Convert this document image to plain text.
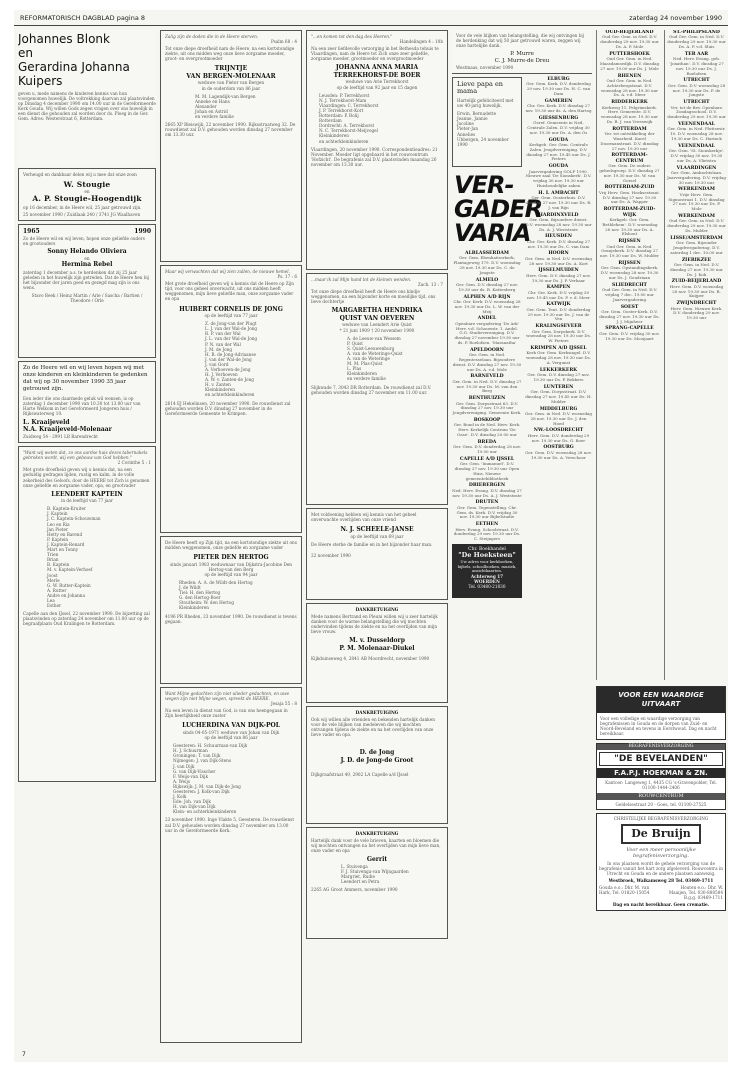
REFORMATORISCH DAGBLAD pagina 8	zaterdag 24 november 1990
Johannes Blonk
en
Gerardina Johanna Kuipers
geven u, mede namens de kinderen kennis van hun voorgenomen huwelijk. De voltrekking daarvan zal plaatsvinden op Dinsdag 4 december 1990 om 14.00 uur in de Gereformeerde Kerk Gouda. Wij willen Gods zegen vragen over ons huwelijk in een dienst die gehouden zal worden door ds. Ploeg in de Ger. Gem. Adres: Westerstraat 6, Rotterdam.
Verheugd en dankbaar delen wij u mee dat onze zoon
W. Stougie
en
A. P. Stougie-Hoogendijk
op 16 december, in de Heere wil, 25 jaar getrouwd zijn.
25 november 1990 / Zuidlaak 240 / 3741 JG Waalhaven
1965	1990
Zo de Heere wil en wij leven, hopen onze geliefde ouders en grootouders
Sonny Helando Oliviera
en
Hermina Rebel
zaterdag 1 december a.s. te herdenken dat zij 25 jaar geleden in het huwelijk zijn getreden. Dat de Heere hen bij het bijzonder der jaren goed en gezegd mag zijn is ons wens.
Stavo Beek / Heinz Martin / Arie / Sascha / Bartien / Theodore / Orle
Zo de Heere wil en wij leven hopen wij met onze kinderen en kleinkinderen te gedenken dat wij op 30 november 1990 35 jaar getrouwd zijn.
Een ieder die ons daarmede geluk wil wensen, is op zaterdag 1 december 1990 van 10.30 tot 13.00 uur van Harte Welkom in het Gereformeerd Jongeren huis / Rijkswaterweg 10.
L. Kraaijeveld
N.A. Kraaijeveld-Molenaar
Zuidweg 54 - 2991 LB Barendrecht
"Want wij weten dat, zo ons aardse huis dezes tabernakels gebroken wordt, wij een gebouw van God hebben."
2 Corinthe 5 : 1
Met grote droefheid geven wij u kennis dat, na een geduldig gedragen lijden, rustig en kalm, in de volle zekerheid des Geloofs, door de HEERE tot Zich is genomen onze geliefde en zorgzame vader, opa, en grootvader
LEENDERT KAPTEIN
in de leeftijd van 77 jaar
B. Kaptein-Kruiter
J. Kaptein
J. C. Kaptein-Schouwman
Leo en Ria
Jan Pieter
Hetty en Barend
P. Kaptein
J. Kaptein-Renard
Mart en Tonny
Trien
Brian
B. Kaptein
M. v. Kaptein-Verhoef
Joost
Merle
G. W. Rutter-Kaptein
A. Rutter
Andre en Johanna
Lea
Esther
Capelle aan den IJssel, 22 november 1990. De bijzetting zal plaatsvinden op zaterdag 24 november om 11.00 uur op de begraafplaats Oud Kralingen te Rotterdam.
Zalig zijn de doden die in de Heere sterven.
Psalm 68 : 4
Tot onze diepe droefheid nam de Heere, na een kortstondige ziekte, uit ons midden weg onze lieve zorgzame moeder, groot- en overgrootmoeder
TRIJNTJE
VAN BERGEN-MOLENAAR
weduwe van Pieter van Bergen
in de ouderdom van 86 jaar
M. M. Lagendijk-van Bergen
Anneke en Hans
Alexander
Johan en Astrid
en verdere familie
2665 XP Bleiswijk, 22 november 1990. Rijksstraatweg 32. De rouwdienst zal D.V. gehouden worden dinsdag 27 november om 13.30 uur.
Maar wij verwachten dat wij zien zullen, de nieuwe hemel.
Ps. 17 : 6
Met grote droefheid geven wij u kennis dat de Heere op Zijn tijd, voor ons geheel onverwacht, uit ons midden heeft weggenomen, mijn lieve geliefde man, onze zorgzame vader en opa
HUIBERT CORNELIS DE JONG
op de leeftijd van 77 jaar
Z. de Jong-van der Plugt
L. J. van der Wal-de Jong
B. P. van der Wal
J. L. van der Wal-de Jong
P. N. van der Wal
J. M. de Jong
H. R. de Jong-Adriaanse
J. van der Wal-de Jong
J. van Oord
A. Verhoeven-de Jong
H. J. Verhoeven
A. W. v. Zanten-de Jong
H. v. Zanten
Kleinkinderen
en achterkleinkinderen
2614 EJ Hekelinsen, 20 november 1990. De rouwdienst zal gehouden worden D.V. dinsdag 27 november in de Gereformeerde Gemeente te Krimpen.
De Heere heeft op Zijn tijd, na een kortstondige ziekte uit ons midden weggenomen, onze geliefde en zorgzame vader
PIETER DEN HERTOG
sinds januari 1983 weduwnaar van Dijkstra-Jacobine Den Hertog-van den Berg
op de leeftijd van 94 jaar
Rheden: A. A. de Wildt-den Hertog
J. de Wildt
Tiel: H. den Hertog
G. den Hertog-Boer
Stoutheim: W. den Hertog
Kleinkinderen
4196 PR Rheden, 23 november 1990. De rouwdienst is tevens gegaan.
Want Mijne gedachten zijn niet ulieder gedachten, en uwe wegen zijn niet Mijne wegen, spreekt de HEERE.
Jesaja 55 : 8
Na een leven in dienst van God, is van ons heengegaan in Zijn heerlijkheid onze zuster
LUCHERDINA VAN DIJK-POL
sinds 04-05-1971 weduwe van Johan van Dijk
op de leeftijd van 86 jaar
Geesteren: H. Schuurman-van Dijk
H. J. Schuurman
Groningen: T. van Dijk
Nijmegen: J. van Dijk-Stens
J. van Dijk
G. van Dijk-Visscher
F. Weijs-van Dijk
A. Weijs
Rijkswijk: J. M. van Dijk-de Jong
Geesteren: J. Kolk-van Dijk
J. Kolk
Ede: Joh. van Dijk
H. van Dijk-van Dijk
Klein- en achterkleinkinderen
23 november 1990. Inge Vlakte 5, Geesteren. De rouwdienst zal D.V. gehouden worden dinsdag 27 november om 13.00 uur in de Gereformeerde Kerk.
"...en komen tot den dag des Heeren."
Handelingen 4 : 10b
Na een zeer liefdevolle verzorging in het Bethesda tehuis te Vlaardingen, nam de Heere tot Zich onze zeer geliefde, zorgzame moeder, grootmoeder en overgrootmoeder
JOHANNA ANNA MARIA
TERREKHORST-DE BOER
weduwe van Arie Terrekhorst
op de leeftijd van 92 jaar en 15 dagen
Leusden: P. Terrekhorst
N. J. Terrekhorst-Mam
Vlaardingen: C. Terrekhorst
J. P. Terrekhorst-Kort
Rotterdam: P. Bolij
Rotterdam
Dordrecht: A. Terrekhorst
N. C. Terrekhorst-Meijvogel
Kleinkinderen
en achterkleinkinderen
Vlaardingen, 20 november 1990. Correspondentieadres: 21 November. Moeder ligt opgebaard in het rouwcentrum 'Hofzicht'. De begrafenis zal D.V. plaatsvinden maandag 26 november om 13.30 uur.
...maar ik zal Mijn hand tot de kleinen wenden.
Zach. 13 : 7
Tot onze diepe droefheid heeft de Heere ons kindje weggenomen, na een bijzonder korte en moeilijke tijd, ons lieve dochtertje
MARGARETHA HENDRIKA
QUIST VAN OEVEREN
weduwe van Leendert Arie Quist
* 21 juni 1909 † 20 november 1990
A. de Leeuw-van Wessem
P. Quist
S. Quist-Leeuwenburg
A. van de Weteringe-Quist
A. van de Weteringe
M. M. Plas-Quist
L. Plas
Kleinkinderen
en verdere familie
Slijkwade 7, 3043 DR Rotterdam. De rouwdienst zal D.V. gehouden worden dinsdag 27 november om 11.00 uur.
Met voldoening hebben wij kennis van het geheel onverwachte overlijden van onze vriend
N. J. SCHEELE-JANSE
op de leeftijd van 69 jaar
De Heere sterke de familie en in het bijzonder haar man.
22 november 1990
DANKBETUIGING
Mede namens Bertrand en Pleuni willen wij u zeer hartelijk danken voor de warme belangstelling die wij mochten ondervinden tijdens de ziekte en na het overlijden van mijn lieve vrouw.
M. v. Dusseldorp
P. M. Molenaar-Diukel
Kijkduinseweg 4, 2841 AB Moordrecht, november 1990
DANKBETUIGING
Ook wij willen alle vrienden en bekenden hartelijk danken voor de vele blijken van medeleven die wij mochten ontvangen tijdens de ziekte en na het overlijden van onze lieve vader en opa.
D. de Jong
J. D. de Jong-de Groot
Dijkgraafstraat 49, 2902 LA Capelle a/d IJssel
DANKBETUIGING
Hartelijk dank voor de vele brieven, kaarten en bloemen die wij mochten ontvangen na het overlijden van mijn lieve man, onze vader en opa
Gerrit
L. Stuivenga
F. J. Stuivenga-van Wijngaarden
Margriet, Rudie
Leendert en Petra
2265 AG Groot Ammers, november 1990
Voor de vele blijken van belangstelling, die wij ontvingen bij de herdenking dat wij 50 jaar getrouwd waren, zeggen wij onze hartelijke dank.
P. Murre
C. J. Murre-de Dreu
Westmaas, november 1990
Lieve papa en mama
Hartelijk gefeliciteerd met uw 40-jarig huwelijk.
Erwin, Bernadette
Jeanne, Jannie
Jacoline
Pieter-Jan
Annelies
Ubbergen, 24 november 1990
VER-
GADER
VARIA
ALBLASSERDAM
Ger. Gem. Ebenhaëzerkerk, Plantageweg 179. D.V. woensdag 28 nov. 19.30 uur Ds. C. de Jongste
ALMELO
Ger. Gem. D.V. dinsdag 27 nov. 19.30 uur ds. R. Kattenberg
ALPHEN A/D RIJN
Chr. Ger. Kerk. D.V. woensdag 28 nov. 19.30 uur Ds. L. W. van der Meij
ANDEL
Openbare vergadering 'De Ark' Herv. v.d. Schouwstr. 1. Andel. G.G. Studievereniging. D.V. dinsdag 27 november 19.30 uur ds. P. Roelofsen. 'Maranatha'
APELDOORN
Ger. Gem. in Ned. Regentesselaan. Bijzondere dienst. D.V. dinsdag 27 nov. 19.30 uur Ds. A. v.d. Mole
BARNEVELD
Ger. Gem. in Ned. D.V. dinsdag 27 nov. 19.30 uur Ds. M. van den Berg
BENTHUIZEN
Ger. Gem. Dorpsstraat 63. D.V. dinsdag 27 nov. 19.30 uur Jeugdvereniging. Gemeente Kerk.
BOSKOOP
Ger. Bond in de Ned. Herv. Kerk. Herv. Kerkelijk Centrum 'De Oase'. D.V. dinsdag 20.00 uur
BREDA
Ger. Gem. D.V. donderdag 28 nov. 19.00 uur
CAPELLE A/D IJSSEL
Ger. Gem. 'Immanuel'. D.V. dinsdag 27 nov. 19.30 uur Open Huis. Nieuwe gemeentebibliotheek
DRIEBERGEN
Ned. Herv. Evang. D.V. dinsdag 27 nov. 19.30 uur Ds. A. J. Weststrate
DRUTEN
Ger. Gem. Tegenstelling. Chr. Gem. ds. Kerk. D.V. vrijdag 30 nov. 19.30 uur Bijbelstudie
EETHEN
Herv. Evang. Schoolstraat. D.V. donderdag 29 nov. 19.30 uur Ds. C. Steijngers
Chr. Boekhandel
"De Hoeksteen"
Uw adres voor kerkboeken, bijbels, schoolboeken, muziek, ansichtkaarten.
Achterweg 17
WOERDEN
Tel. 03480-21830
ELBURG
Ger. Gem. Kerk. D.V. donderdag 29 nov. 19.30 uur Ds. H. C. van Dam
GAMEREN
Chr. Ger. Kerk. D.V. dinsdag 27 nov. 19.30 uur ds. A. den Hartog
GIESSENBURG
Geref. Gemeente in Ned. Centrale Zalen. D.V. vrijdag 30 nov. 19.30 uur Ds. A. den Os
GOUDA
Kerkgeb. Ger. Gem. Centrale Zalen. Jeugdvereniging. D.V. dinsdag 27 nov. 19.45 uur Ds. J. Pieters
GOUDA
Jaarvergadering GOLF 1990. Nieuwe zaal 'De Sionskerk'. D.V. vrijdag 30 nov. 19.30 uur Huishoudelijke zaken
H. I. AMBACHT
Ger. Gem. Oosterhuis. D.V. dinsdag 27 nov. 19.30 uur Ds. R. J. van Rijn
HARDINXVELD
Ger. Gem. Bijzondere dienst. D.V. woensdag 28 nov. 19.30 uur Ds. A. J. Weststrate
HEUSDEN
Chr. Ger. Kerk. D.V. dinsdag 27 nov. 19.30 uur Ds. C. van Dam
HOORN
Ger. Gem. in Ned. D.V. woensdag 28 nov. 19.30 uur Ds. A. Kort
IJSSELMUIDEN
Herv. Gem. D.V. dinsdag 27 nov. 19.30 uur Ds. J. P. Verhaar
KAMPEN
Chr. Ger. Kerk. D.V. vrijdag 30 nov. 19.45 uur Ds. P. v. d. Meer
KATWIJK
Ger. Gem. Tent. D.V. donderdag 29 nov. 19.30 uur Ds. J. van de Ven
KRALINGSEVEER
Ger. Gem. Dorpskerk. D.V. woensdag 28 nov. 19.30 uur Ds. W. Pieters
KRIMPEN A/D IJSSEL
Kerk Ger. Gem. Kerksingel. D.V. woensdag 28 nov. 19.30 uur Ds. A. Vergunst
LEKKERKERK
Ger. Gem. D.V. dinsdag 27 nov. 19.30 uur Ds. P. Bekkers
LUNTEREN
Ger. Gem. Dorpsstraat. D.V. dinsdag 27 nov. 19.45 uur Ds. H. Mulder
MIDDELBURG
Ger. Gem. in Ned. D.V. woensdag 28 nov. 19.30 uur Ds. J. den Hoed
NW.-LOOSDRECHT
Herv. Gem. D.V. donderdag 29 nov. 19.30 uur Ds. G. Boer
OOSTBURG
Ger. Gem. D.V. woensdag 28 nov. 19.30 uur Ds. A. Verschoor
OUD-BEIJERLAND
Oud Ger. Gem. in Ned. D.V. donderdag 29 nov. 19.30 uur Ds. A. P. Mole
PUTTERSHOEK
Oud Ger. Gem. in Ned. Maasdamsedijk. D.V. dinsdag 27 nov. 19.00 uur Ds. J. Mole
RHENEN
Oud Ger. Gem. in Ned. Achterbergstraat. D.V. woensdag 28 nov. 19.30 uur Ds. A. v.d. Meer
RIDDERKERK
Kerkweg 11. Pelgrimskerk. Herv. Gemeente. D.V. woensdag 28 nov. 19.30 uur Ds. B. J. van Vreeswijk
ROTTERDAM
Ver. tot ontwikkeling der Waarheid. Karel Doormanstraat. D.V. dinsdag 27 nov. 19.30 uur
ROTTERDAM-CENTRUM
Ger. Gem. De ouders gebedsgroep. D.V. dinsdag 27 nov. 19.30 uur Ds. W. van Gorsel
ROTTERDAM-ZUID
Vrij Herv. Gem. Hoeksestraat. D.V. dinsdag 27 nov. 19.30 uur Ds. A. Wapper
ROTTERDAM-ZUID-WIJK
Kerkgeb. Ger. Gem. 'Bethlehem'. D.V. woensdag 28 nov. 19.30 uur Ds. A. Elshout
RIJSSEN
Oud Ger. Gem. in Ned. Oranjekerk. D.V. dinsdag 27 nov. 19.30 uur Ds. W. Mulder
RIJSSEN
Ger. Gem. Opstandingskerk. D.V. woensdag 28 nov. 19.30 uur Ds. J. Goudriaan
SLIEDRECHT
Oud Ger. Gem. in Ned. D.V. vrijdag 7 dec. 19.00 uur Jaarvergadering
SOEST
Ger. Gem. Ooster-Kerk. D.V. dinsdag 27 nov. 19.30 uur Ds. J. J. Mijnheer
SPRANG-CAPELLE
Ger. Gem. D.V. vrijdag 30 nov. 19.30 uur Ds. Mooijaart
ST.-PHILIPSLAND
Oud Ger. Gem. in Ned. D.V. donderdag 29 nov. 19.30 uur Ds. A. P. v.d. Sluis
TER AAR
Ned. Herv. Evang. geb. 'Jonathan'. D.V. dinsdag 27 nov. 19.30 uur Ds. J. Roelofsen
UTRECHT
Ger. Gem. D.V. woensdag 28 nov. 19.30 uur Ds. P. de Jongste
UTRECHT
Ver. tot de Bev. Openbare Zondagsschool. D.V. donderdag 29 nov. 19.30 uur
VEENENDAAL
Ger. Gem. in Ned. Pluttsestr. 10. D.V. woensdag 28 nov. 19.30 uur Ds. C. Harinck
VEENENDAAL
Ger. Gem. 'St. Sionskerkje'. D.V. vrijdag 30 nov. 19.30 uur Ds. A. Vlietstra
VLAARDINGEN
Ger. Gem. Ambachtslaan. Jaarvergadering. D.V. vrijdag 30 nov. 19.30 uur
WERKENDAM
Vrije Herv. Gem. Sigmostraat 1. D.V. dinsdag 27 nov. 19.30 uur Ds. P. Mole
WERKENDAM
Oud Ger. Gem. in Ned. D.V. donderdag 29 nov. 19.30 uur Ds. Mulder
LISSE/AMSTERDAM
Ger. Gem. Bijzonder Jeugdvergadering. D.V. zaterdag 1 dec. 10.00 uur
ZIERIKZEE
Ger. Gem. in Ned. D.V. dinsdag 27 nov. 19.30 uur Ds. J. Kok
ZUID-BEIJERLAND
Herv. Gem. D.V. woensdag 28 nov. 19.30 uur Ds. B. Kuijper
ZWIJNDRECHT
Herv. Gem. Nieuwe Kerk. D.V. donderdag 29 nov. 19.30 uur
VOOR EEN WAARDIGE UITVAART
Voor een volledige en waardige verzorging van begrafenissen in Gouda en de dorpen van Zuid- en Noord-Beveland en tevens in Eerstwoud. Dag en nacht bereikbaar.
BEGRAFENISVERZORGING
"DE BEVELANDEN"
F.A.P.J. HOEKMAN & ZN.
Kantoor: Langeweg 1, 4435 CG 's-Gravenpolder, Tel. 01100-1444-2406
ROUWCENTRUM
Geldelsestraat 20 - Goes, tel. 01100-27525
CHRISTELIJKE BEGRAFENISVERZORGING
De Bruijn
Voor een meer persoonlijke begrafenisverzorging.
In ons plaatsen wordt de gehele verzorging van de begrafenis vanuit het hart zorg afgeleverd. Rouwcentra in Utrecht en Gouda en de andere plaatsen aanwezig.
Westbroek, Walkamsweg 28 Tel. 03469-1711
Gouda e.o.: Dhr. M. van Hark, Tel. 01820-15054
Houten e.o.: Dhr. W. Maaijen, Tel. 030-888584
B.g.g. 03469-1711
Dag en nacht bereikbaar. Geen crematie.
7
